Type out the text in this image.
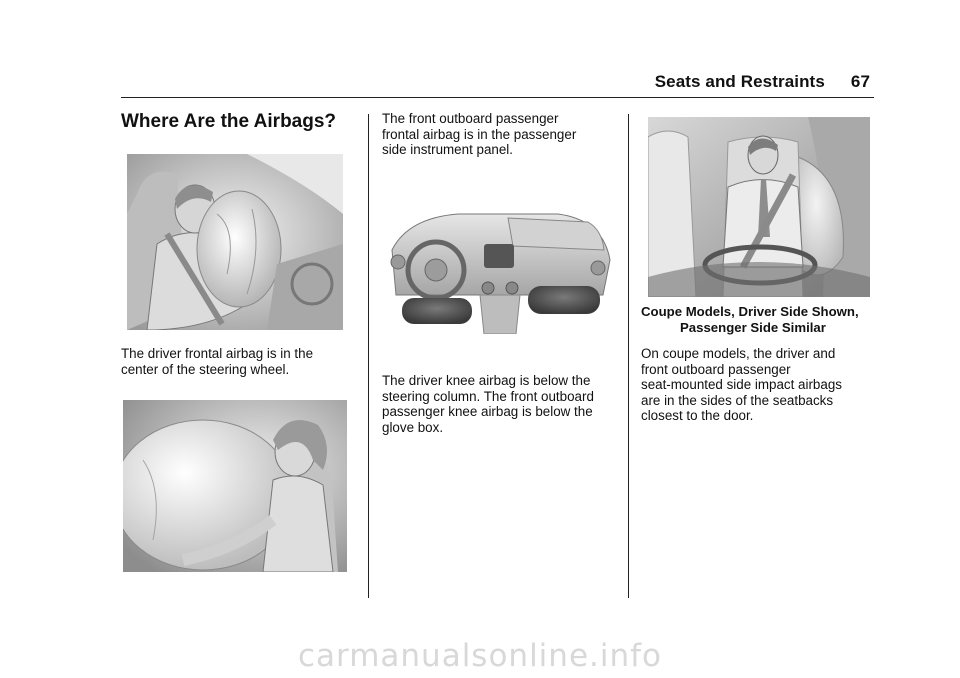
Seats and Restraints 67
Where Are the Airbags?
The driver frontal airbag is in the
center of the steering wheel.
The front outboard passenger
frontal airbag is in the passenger
side instrument panel.
The driver knee airbag is below the
steering column. The front outboard
passenger knee airbag is below the
glove box.
Coupe Models, Driver Side Shown,
Passenger Side Similar
On coupe models, the driver and
front outboard passenger
seat-mounted side impact airbags
are in the sides of the seatbacks
closest to the door.
carmanualsonline.info
